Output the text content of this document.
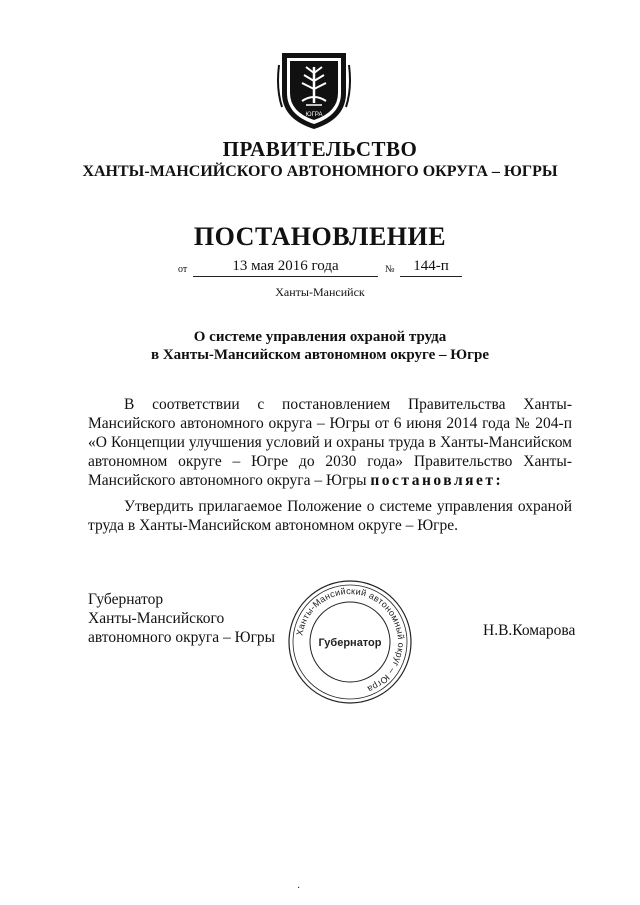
ЮГРА
ПРАВИТЕЛЬСТВО
ХАНТЫ-МАНСИЙСКОГО АВТОНОМНОГО ОКРУГА – ЮГРЫ
ПОСТАНОВЛЕНИЕ
от	13 мая 2016 года	№	144-п
Ханты-Мансийск
О системе управления охраной труда
в Ханты-Мансийском автономном округе – Югре

В соответствии с постановлением Правительства Ханты-Мансийского автономного округа – Югры от 6 июня 2014 года № 204-п «О Концепции улучшения условий и охраны труда в Ханты-Мансийском автономном округе – Югре до 2030 года» Правительство Ханты-Мансийского автономного округа – Югры постановляет:

Утвердить прилагаемое Положение о системе управления охраной труда в Ханты-Мансийском автономном округе – Югре.

Губернатор
Ханты-Мансийского
автономного округа – Югры Ханты-Мансийский автономный округ – Югра
Губернатор
Н.В.Комарова
·
